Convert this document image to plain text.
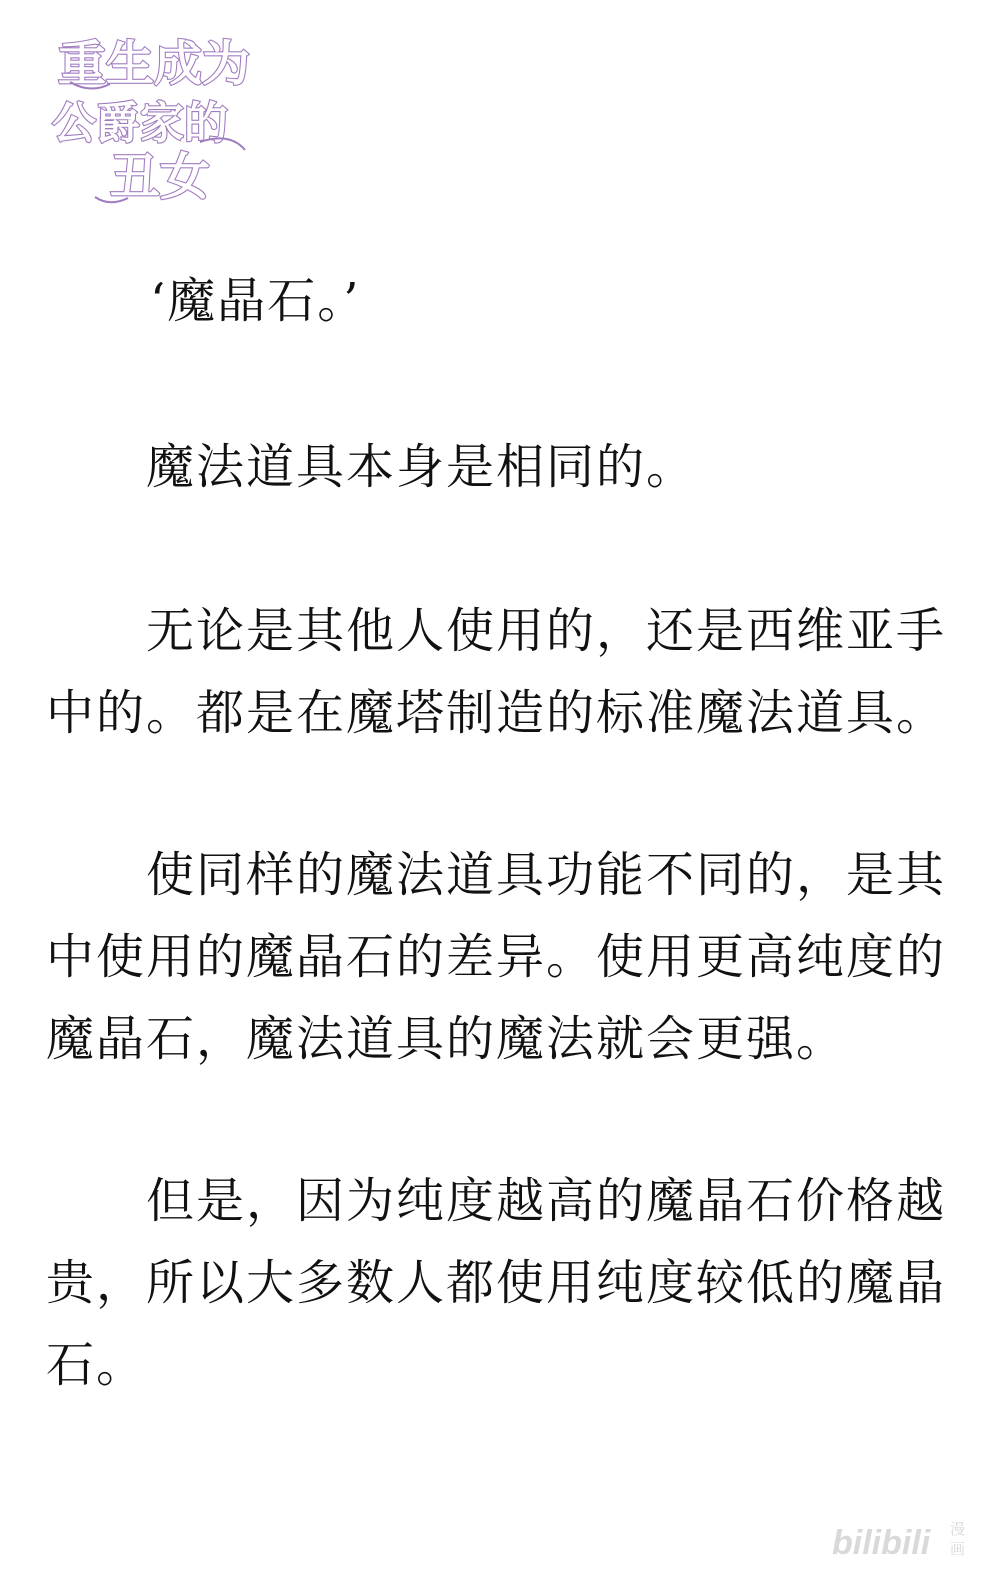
重生成为
公爵家的
丑女

‘魔晶石。’

魔法道具本身是相同的。

无论是其他人使用的，还是西维亚手中的。都是在魔塔制造的标准魔法道具。

使同样的魔法道具功能不同的，是其中使用的魔晶石的差异。使用更高纯度的魔晶石，魔法道具的魔法就会更强。

但是，因为纯度越高的魔晶石价格越贵，所以大多数人都使用纯度较低的魔晶石。

bilibili 漫
画
